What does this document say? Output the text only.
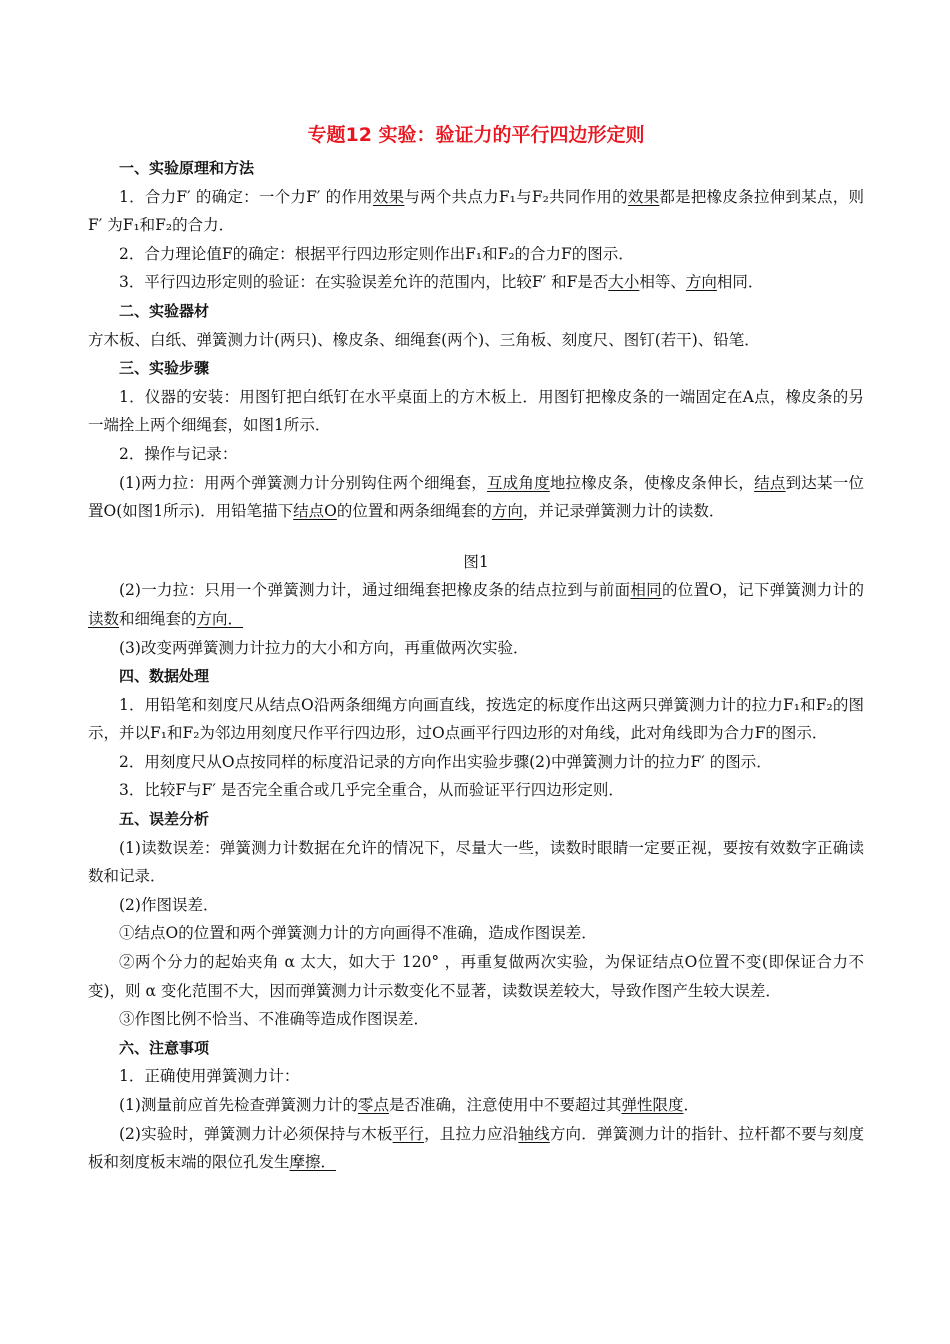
专题12 实验：验证力的平行四边形定则
一、实验原理和方法
1．合力F′ 的确定：一个力F′ 的作用效果与两个共点力F₁与F₂共同作用的效果都是把橡皮条拉伸到某点，则F′ 为F₁和F₂的合力．
2．合力理论值F的确定：根据平行四边形定则作出F₁和F₂的合力F的图示．
3．平行四边形定则的验证：在实验误差允许的范围内，比较F′ 和F是否大小相等、方向相同．
二、实验器材
方木板、白纸、弹簧测力计(两只)、橡皮条、细绳套(两个)、三角板、刻度尺、图钉(若干)、铅笔．
三、实验步骤
1．仪器的安装：用图钉把白纸钉在水平桌面上的方木板上．用图钉把橡皮条的一端固定在A点，橡皮条的另一端拴上两个细绳套，如图1所示．
2．操作与记录：
(1)两力拉：用两个弹簧测力计分别钩住两个细绳套，互成角度地拉橡皮条，使橡皮条伸长，结点到达某一位置O(如图1所示)．用铅笔描下结点O的位置和两条细绳套的方向，并记录弹簧测力计的读数．
图1
(2)一力拉：只用一个弹簧测力计，通过细绳套把橡皮条的结点拉到与前面相同的位置O，记下弹簧测力计的读数和细绳套的方向．
(3)改变两弹簧测力计拉力的大小和方向，再重做两次实验．
四、数据处理
1．用铅笔和刻度尺从结点O沿两条细绳方向画直线，按选定的标度作出这两只弹簧测力计的拉力F₁和F₂的图示，并以F₁和F₂为邻边用刻度尺作平行四边形，过O点画平行四边形的对角线，此对角线即为合力F的图示．
2．用刻度尺从O点按同样的标度沿记录的方向作出实验步骤(2)中弹簧测力计的拉力F′ 的图示．
3．比较F与F′ 是否完全重合或几乎完全重合，从而验证平行四边形定则．
五、误差分析
(1)读数误差：弹簧测力计数据在允许的情况下，尽量大一些，读数时眼睛一定要正视，要按有效数字正确读数和记录．
(2)作图误差．
①结点O的位置和两个弹簧测力计的方向画得不准确，造成作图误差．
②两个分力的起始夹角 α 太大，如大于 120° ，再重复做两次实验，为保证结点O位置不变(即保证合力不变)，则 α 变化范围不大，因而弹簧测力计示数变化不显著，读数误差较大，导致作图产生较大误差．
③作图比例不恰当、不准确等造成作图误差．
六、注意事项
1．正确使用弹簧测力计：
(1)测量前应首先检查弹簧测力计的零点是否准确，注意使用中不要超过其弹性限度．
(2)实验时，弹簧测力计必须保持与木板平行，且拉力应沿轴线方向．弹簧测力计的指针、拉杆都不要与刻度板和刻度板末端的限位孔发生摩擦．
